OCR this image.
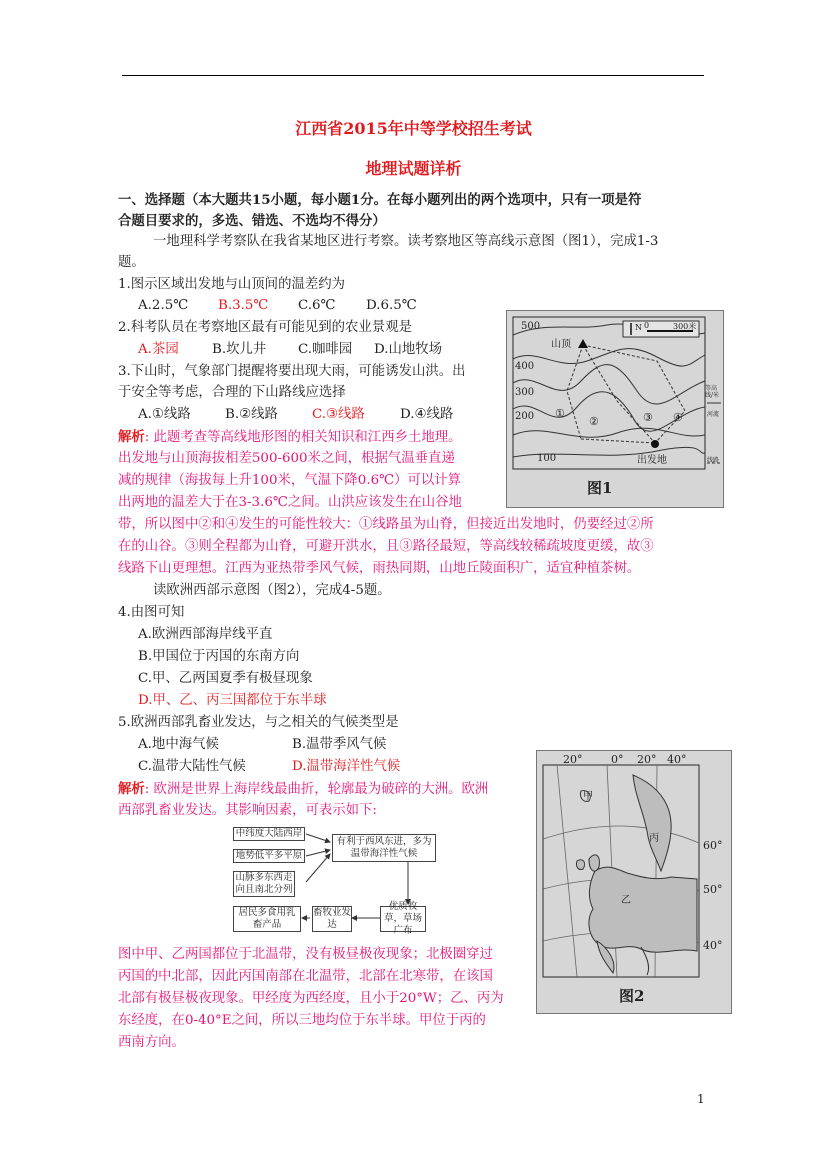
江西省2015年中等学校招生考试
地理试题详析
一、选择题（本大题共15小题，每小题1分。在每小题列出的两个选项中，只有一项是符
合题目要求的，多选、错选、不选均不得分）
一地理科学考察队在我省某地区进行考察。读考察地区等高线示意图（图1），完成1-3
题。
1.图示区域出发地与山顶间的温差约为
A.2.5℃ B.3.5℃ C.6℃ D.6.5℃
2.科考队员在考察地区最有可能见到的农业景观是
A.茶园 B.坎儿井 C.咖啡园 D.山地牧场
3.下山时，气象部门提醒将要出现大雨，可能诱发山洪。出
于安全等考虑，合理的下山路线应选择
A.①线路	B.②线路	C.③线路	D.④线路
解析: 此题考查等高线地形图的相关知识和江西乡土地理。
出发地与山顶海拔相差500-600米之间，根据气温垂直递
减的规律（海拔每上升100米，气温下降0.6℃）可以计算
出两地的温差大于在3-3.6℃之间。山洪应该发生在山谷地
带，所以图中②和④发生的可能性较大：①线路虽为山脊，但接近出发地时，仍要经过②所
在的山谷。③则全程都为山脊，可避开洪水，且③路径最短，等高线较稀疏坡度更缓，故③
线路下山更理想。江西为亚热带季风气候，雨热同期，山地丘陵面积广，适宜种植茶树。
读欧洲西部示意图（图2），完成4-5题。
4.由图可知
A.欧洲西部海岸线平直
B.甲国位于丙国的东南方向
C.甲、乙两国夏季有极昼现象
D.甲、乙、丙三国都位于东半球
5.欧洲西部乳畜业发达，与之相关的气候类型是
A.地中海气候	B.温带季风气候
C.温带大陆性气候	D.温带海洋性气候
解析: 欧洲是世界上海岸线最曲折，轮廓最为破碎的大洲。欧洲
西部乳畜业发达。其影响因素，可表示如下:
中纬度大陆西岸
地势低平多平原
山脉多东西走向且南北分列
有利于西风东进，多为温带海洋性气候
优质牧草，草场广布
畜牧业发达
居民多食用乳畜产品
图中甲、乙两国都位于北温带，没有极昼极夜现象；北极圈穿过
丙国的中北部，因此丙国南部在北温带，北部在北寒带，在该国
北部有极昼极夜现象。甲经度为西经度，且小于20°W；乙、丙为
东经度，在0-40°E之间，所以三地均位于东半球。甲位于丙的
西南方向。
500
400
300
200
100
山顶
出发地
①
②	③ ④
N 0	300米
等高线/米
河流
线路
图1
20°	0° 20° 40°
60°
50°
40°
甲
乙
丙
图2
1
